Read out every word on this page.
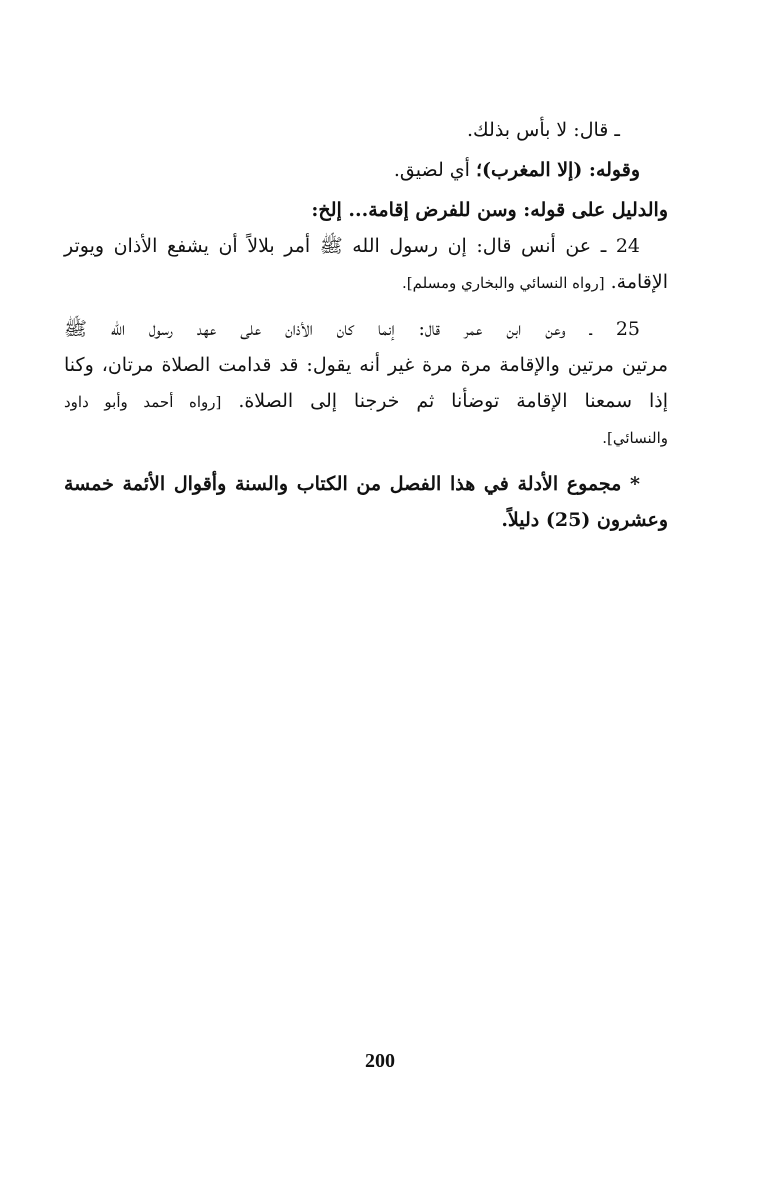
ـ قال: لا بأس بذلك.
وقوله: (إلا المغرب)؛ أي لضيق.
والدليل على قوله: وسن للفرض إقامة... إلخ:
24 ـ عن أنس قال: إن رسول الله ﷺ أمر بلالاً أن يشفع الأذان ويوتر
الإقامة. [رواه النسائي والبخاري ومسلم].
25 ـ وعن ابن عمر قال: إنما كان الأذان على عهد رسول الله ﷺ
مرتين مرتين والإقامة مرة مرة غير أنه يقول: قد قدامت الصلاة مرتان، وكنا
إذا سمعنا الإقامة توضأنا ثم خرجنا إلى الصلاة. [رواه أحمد وأبو داود
والنسائي].
* مجموع الأدلة في هذا الفصل من الكتاب والسنة وأقوال الأئمة خمسة
وعشرون (25) دليلاً.
200
